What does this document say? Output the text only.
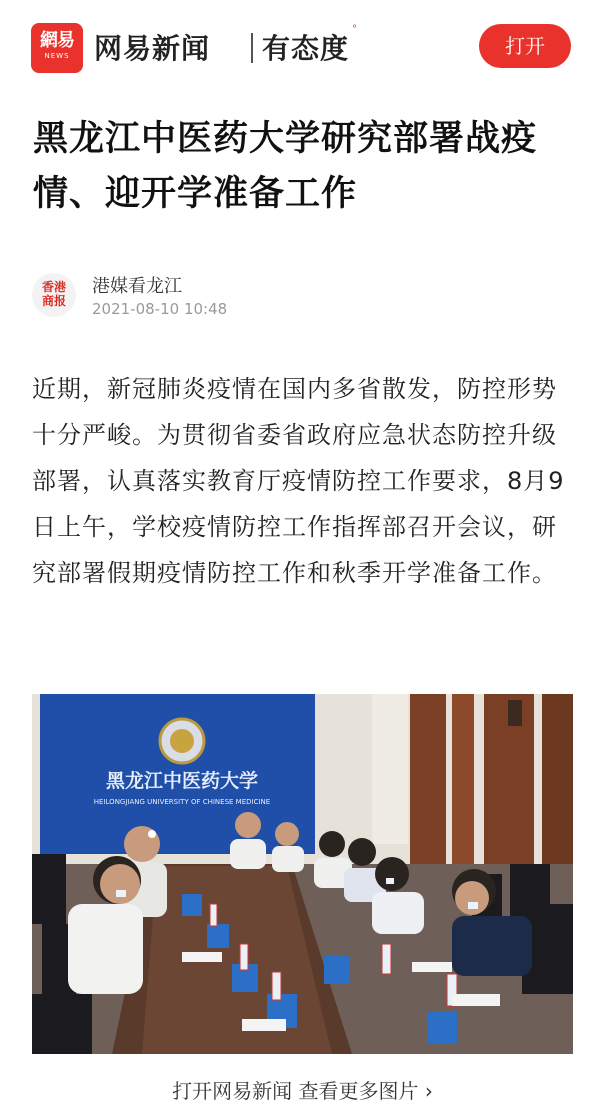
網易
NEWS 网易新闻 有态度
°
打开
黑龙江中医药大学研究部署战疫情、迎开学准备工作
香港
商报
港媒看龙江
2021-08-10 10:48
近期，新冠肺炎疫情在国内多省散发，防控形势十分严峻。为贯彻省委省政府应急状态防控升级部署，认真落实教育厅疫情防控工作要求，8月9日上午，学校疫情防控工作指挥部召开会议，研究部署假期疫情防控工作和秋季开学准备工作。
黑龙江中医药大学
HEILONGJIANG UNIVERSITY OF CHINESE MEDICINE
打开网易新闻 查看更多图片 ›
